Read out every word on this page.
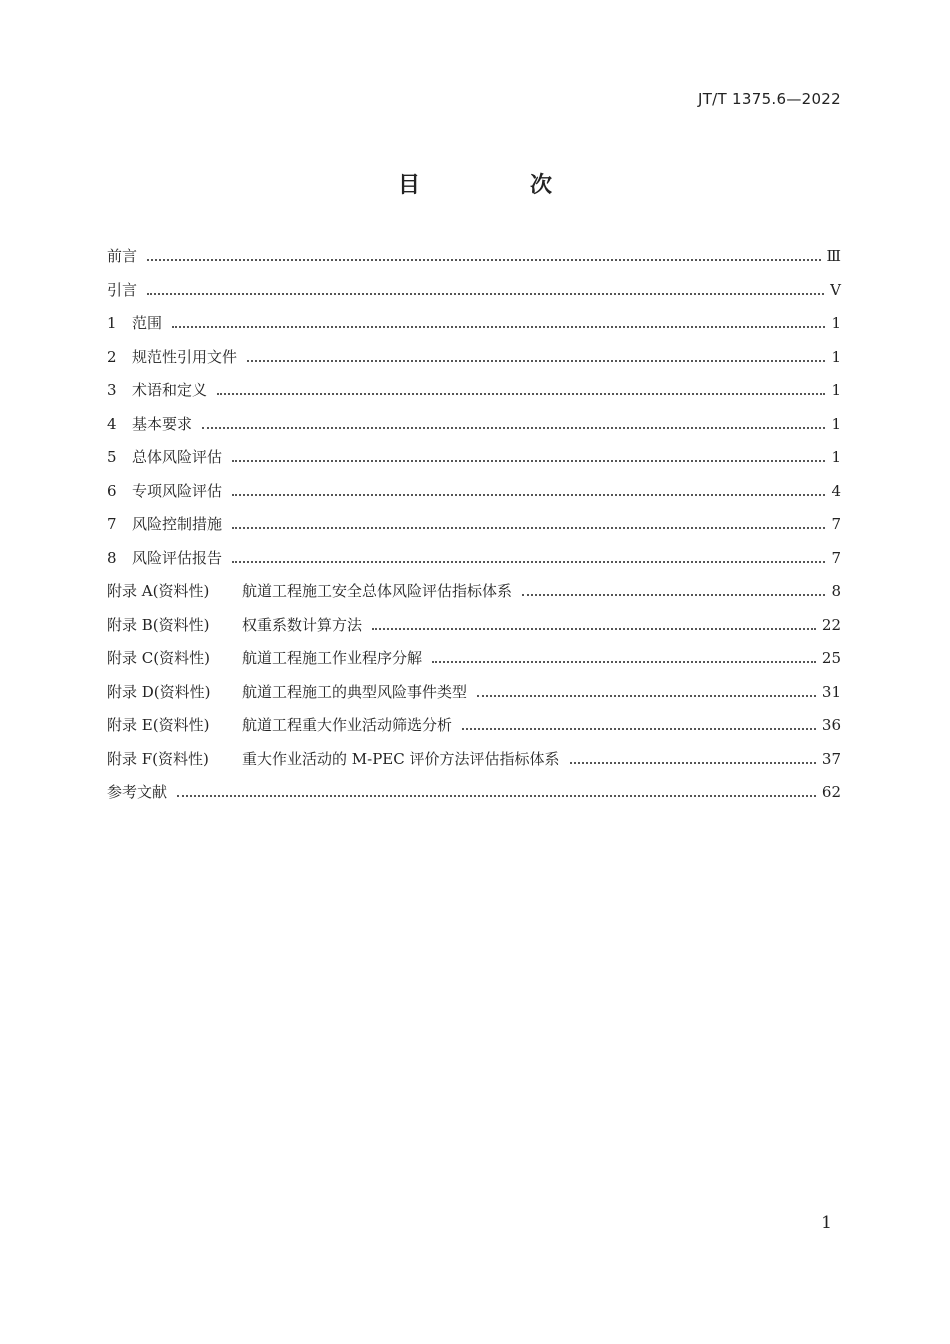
JT/T 1375.6—2022
目　次
前言	Ⅲ
引言	Ⅴ
1	范围	1
2	规范性引用文件	1
3	术语和定义	1
4	基本要求	1
5	总体风险评估	1
6	专项风险评估	4
7	风险控制措施	7
8	风险评估报告	7
附录 A(资料性)	航道工程施工安全总体风险评估指标体系	8
附录 B(资料性)	权重系数计算方法	22
附录 C(资料性)	航道工程施工作业程序分解	25
附录 D(资料性)	航道工程施工的典型风险事件类型	31
附录 E(资料性)	航道工程重大作业活动筛选分析	36
附录 F(资料性)	重大作业活动的 M-PEC 评价方法评估指标体系	37
参考文献	62
1
